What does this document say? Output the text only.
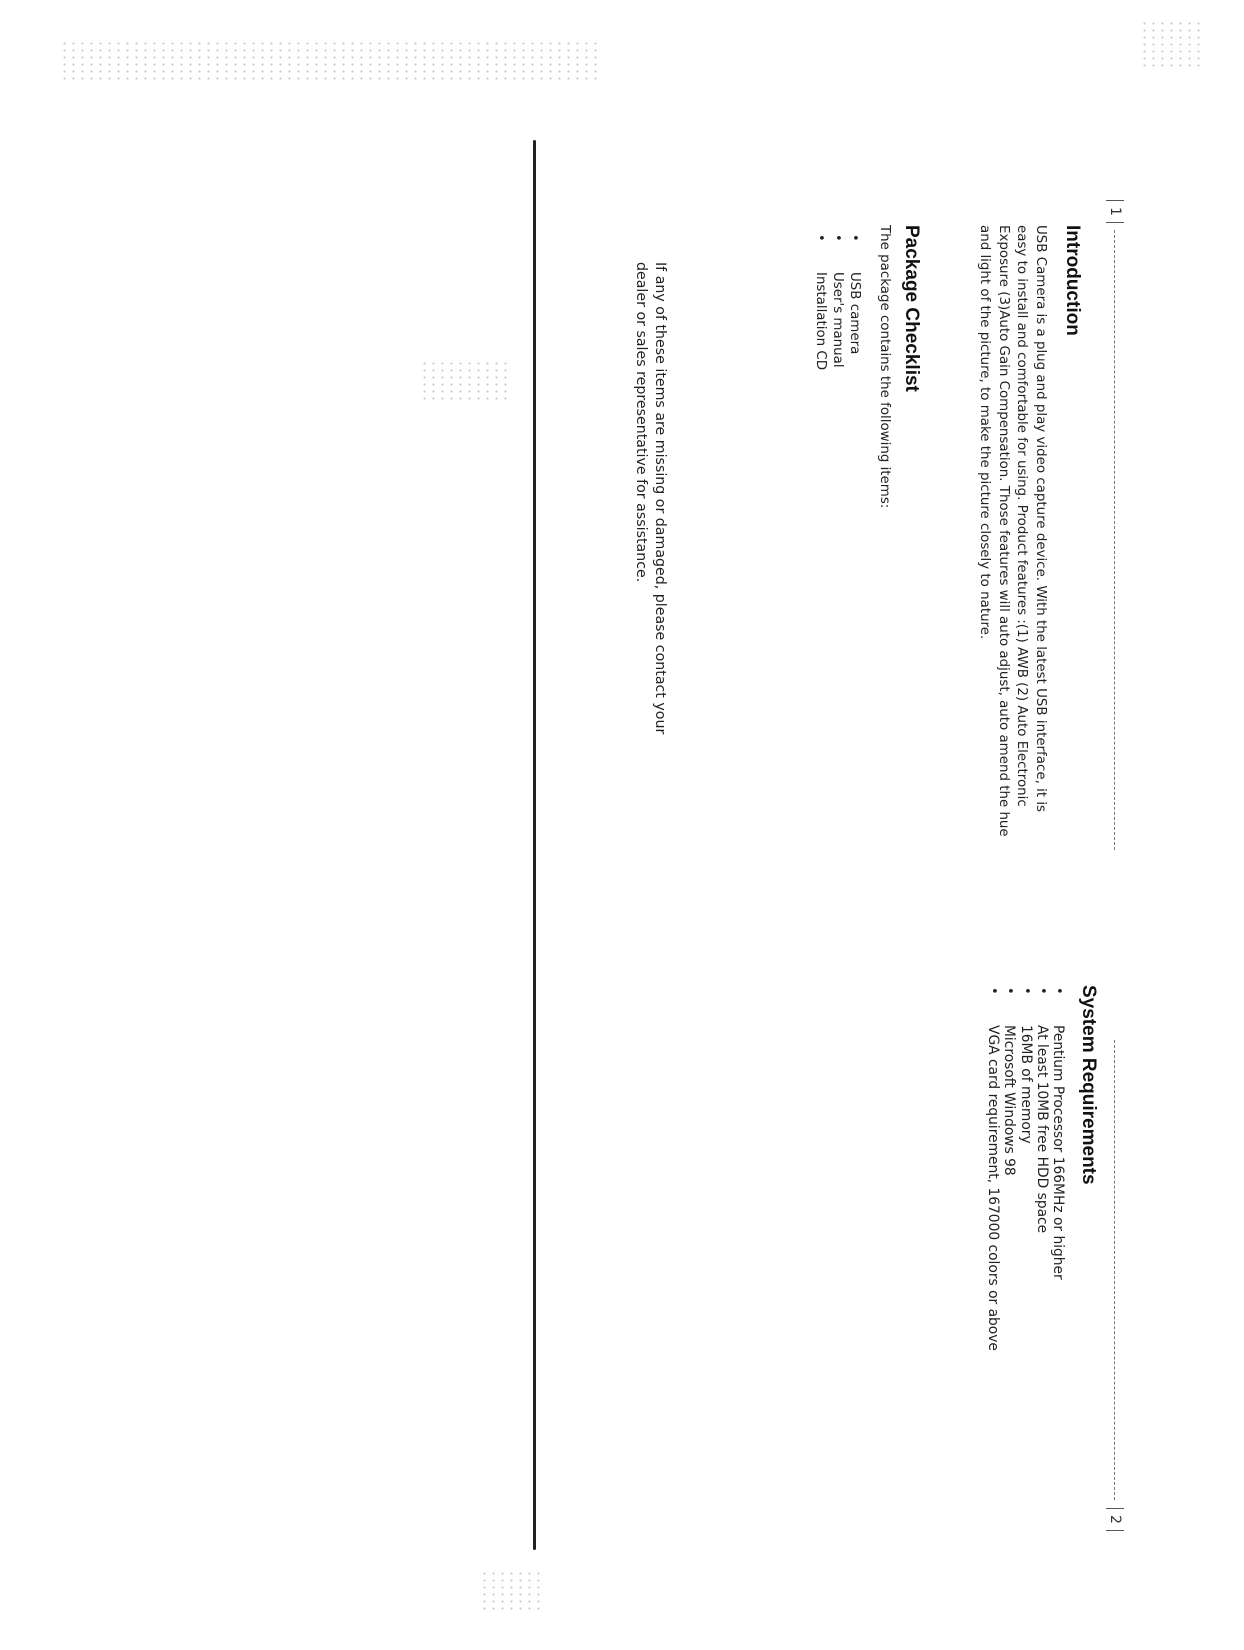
1
2
Introduction

USB Camera is a plug and play video capture device. With the latest USB interface, it is easy to install and comfortable for using. Product features :(1) AWB (2) Auto Electronic Exposure (3)Auto Gain Compensation. Those features will auto adjust, auto amend the hue and light of the picture, to make the picture closely to nature.

Package Checklist

The package contains the following items:

• USB camera
• User's manual
• Installation CD

If any of these items are missing or damaged, please contact your dealer or sales representative for assistance.

System Requirements
• Pentium Processor 166MHz or higher
• At least 10MB free HDD space
• 16MB of memory
• Microsoft Windows 98
• VGA card requirement, 167000 colors or above
